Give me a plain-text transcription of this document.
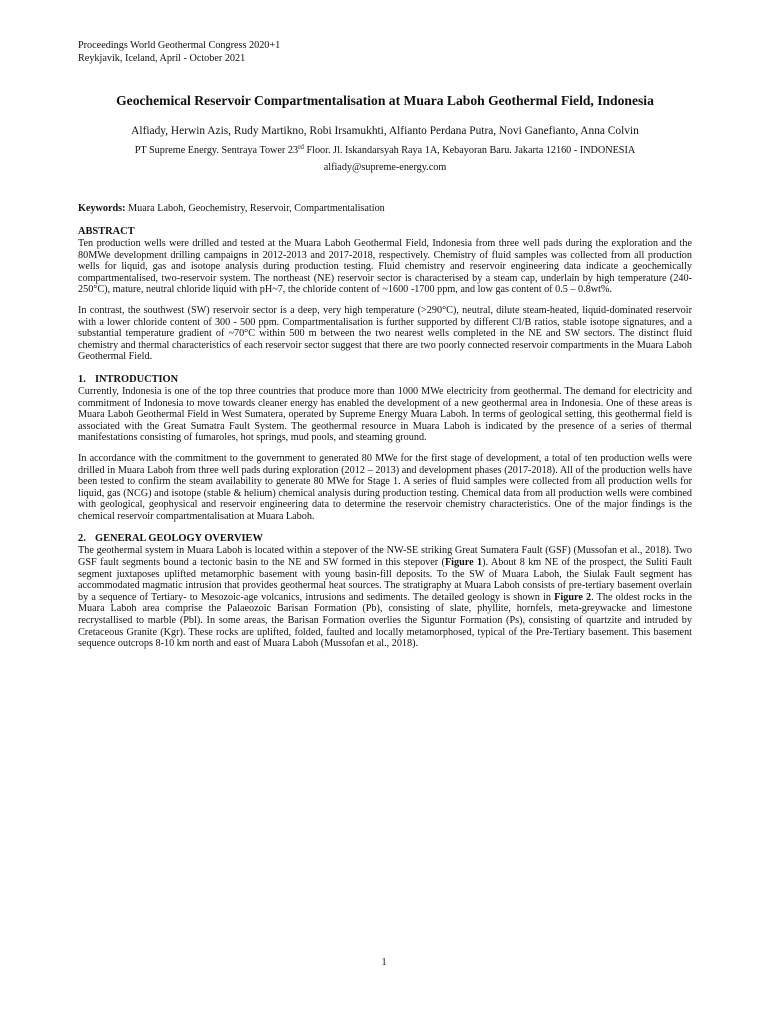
Proceedings World Geothermal Congress 2020+1
Reykjavik, Iceland, April - October 2021
Geochemical Reservoir Compartmentalisation at Muara Laboh Geothermal Field, Indonesia
Alfiady, Herwin Azis, Rudy Martikno, Robi Irsamukhti, Alfianto Perdana Putra, Novi Ganefianto, Anna Colvin
PT Supreme Energy. Sentraya Tower 23rd Floor. Jl. Iskandarsyah Raya 1A, Kebayoran Baru. Jakarta 12160 - INDONESIA
alfiady@supreme-energy.com
Keywords: Muara Laboh, Geochemistry, Reservoir, Compartmentalisation
ABSTRACT

Ten production wells were drilled and tested at the Muara Laboh Geothermal Field, Indonesia from three well pads during the exploration and the 80MWe development drilling campaigns in 2012-2013 and 2017-2018, respectively. Chemistry of fluid samples was collected from all production wells for liquid, gas and isotope analysis during production testing. Fluid chemistry and reservoir engineering data indicate a geochemically compartmentalised, two-reservoir system. The northeast (NE) reservoir sector is characterised by a steam cap, underlain by high temperature (240-250°C), mature, neutral chloride liquid with pH~7, the chloride content of ~1600 -1700 ppm, and low gas content of 0.5 – 0.8wt%.

In contrast, the southwest (SW) reservoir sector is a deep, very high temperature (>290°C), neutral, dilute steam-heated, liquid-dominated reservoir with a lower chloride content of 300 - 500 ppm. Compartmentalisation is further supported by different Cl/B ratios, stable isotope signatures, and a substantial temperature gradient of ~70°C within 500 m between the two nearest wells completed in the NE and SW sectors. The distinct fluid chemistry and thermal characteristics of each reservoir sector suggest that there are two poorly connected reservoir compartments in the Muara Laboh Geothermal Field.

1. INTRODUCTION

Currently, Indonesia is one of the top three countries that produce more than 1000 MWe electricity from geothermal. The demand for electricity and commitment of Indonesia to move towards cleaner energy has enabled the development of a new geothermal area in Indonesia. One of these areas is Muara Laboh Geothermal Field in West Sumatera, operated by Supreme Energy Muara Laboh. In terms of geological setting, this geothermal field is associated with the Great Sumatra Fault System. The geothermal resource in Muara Laboh is indicated by the presence of a series of thermal manifestations consisting of fumaroles, hot springs, mud pools, and steaming ground.

In accordance with the commitment to the government to generated 80 MWe for the first stage of development, a total of ten production wells were drilled in Muara Laboh from three well pads during exploration (2012 – 2013) and development phases (2017-2018). All of the production wells have been tested to confirm the steam availability to generate 80 MWe for Stage 1. A series of fluid samples were collected from all production wells for liquid, gas (NCG) and isotope (stable & helium) chemical analysis during production testing. Chemical data from all production wells were combined with geological, geophysical and reservoir engineering data to determine the reservoir chemistry characteristics. One of the major findings is the chemical reservoir compartmentalisation at Muara Laboh.

2. GENERAL GEOLOGY OVERVIEW

The geothermal system in Muara Laboh is located within a stepover of the NW-SE striking Great Sumatera Fault (GSF) (Mussofan et al., 2018). Two GSF fault segments bound a tectonic basin to the NE and SW formed in this stepover (Figure 1). About 8 km NE of the prospect, the Suliti Fault segment juxtaposes uplifted metamorphic basement with young basin-fill deposits. To the SW of Muara Laboh, the Siulak Fault segment has accommodated magmatic intrusion that provides geothermal heat sources. The stratigraphy at Muara Laboh consists of pre-tertiary basement overlain by a sequence of Tertiary- to Mesozoic-age volcanics, intrusions and sediments. The detailed geology is shown in Figure 2. The oldest rocks in the Muara Laboh area comprise the Palaeozoic Barisan Formation (Pb), consisting of slate, phyllite, hornfels, meta-greywacke and limestone recrystallised to marble (Pbl). In some areas, the Barisan Formation overlies the Siguntur Formation (Ps), consisting of quartzite and intruded by Cretaceous Granite (Kgr). These rocks are uplifted, folded, faulted and locally metamorphosed, typical of the Pre-Tertiary basement. This basement sequence outcrops 8-10 km north and east of Muara Laboh (Mussofan et al., 2018).

1
